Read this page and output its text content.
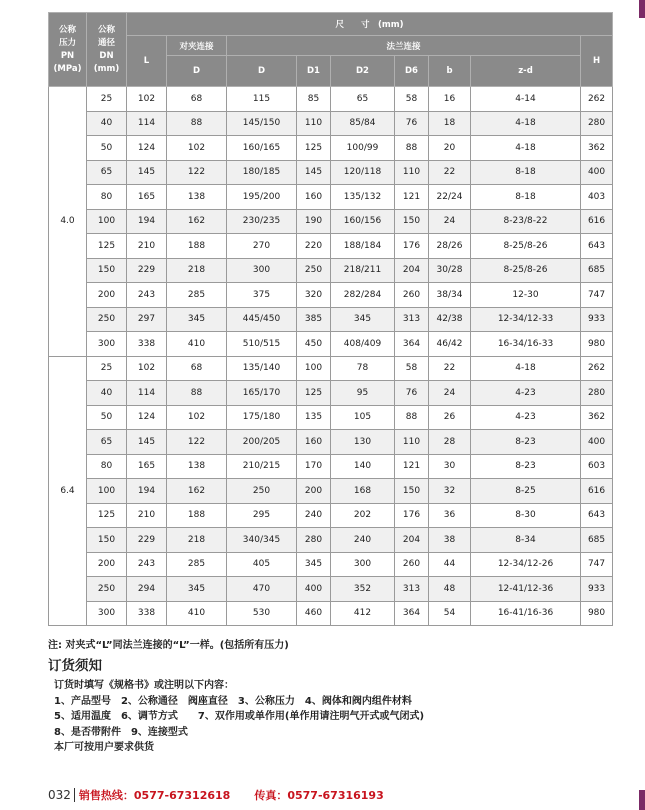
公称
压力
PN
(MPa)	公称
通径
DN
(mm)	尺　　寸　(mm)								
		L	对夹连接	法兰连接						H
			D	D	D1	D2	D6	b	z-d	
4.0	25	102	68	115	85	65	58	16	4-14	262
	40	114	88	145/150	110	85/84	76	18	4-18	280
	50	124	102	160/165	125	100/99	88	20	4-18	362
	65	145	122	180/185	145	120/118	110	22	8-18	400
	80	165	138	195/200	160	135/132	121	22/24	8-18	403
	100	194	162	230/235	190	160/156	150	24	8-23/8-22	616
	125	210	188	270	220	188/184	176	28/26	8-25/8-26	643
	150	229	218	300	250	218/211	204	30/28	8-25/8-26	685
	200	243	285	375	320	282/284	260	38/34	12-30	747
	250	297	345	445/450	385	345	313	42/38	12-34/12-33	933
	300	338	410	510/515	450	408/409	364	46/42	16-34/16-33	980
6.4	25	102	68	135/140	100	78	58	22	4-18	262
	40	114	88	165/170	125	95	76	24	4-23	280
	50	124	102	175/180	135	105	88	26	4-23	362
	65	145	122	200/205	160	130	110	28	8-23	400
	80	165	138	210/215	170	140	121	30	8-23	603
	100	194	162	250	200	168	150	32	8-25	616
	125	210	188	295	240	202	176	36	8-30	643
	150	229	218	340/345	280	240	204	38	8-34	685
	200	243	285	405	345	300	260	44	12-34/12-26	747
	250	294	345	470	400	352	313	48	12-41/12-36	933
	300	338	410	530	460	412	364	54	16-41/16-36	980
注: 对夹式“L”同法兰连接的“L”一样。(包括所有压力)
订货须知
订货时填写《规格书》或注明以下内容：
1、产品型号　2、公称通径　阀座直径　3、公称压力　4、阀体和阀内组件材料
5、适用温度　6、调节方式　　7、双作用或单作用(单作用请注明气开式或气闭式)
8、是否带附件　9、连接型式
本厂可按用户要求供货
032 销售热线：0577-67312618 传真：0577-67316193
